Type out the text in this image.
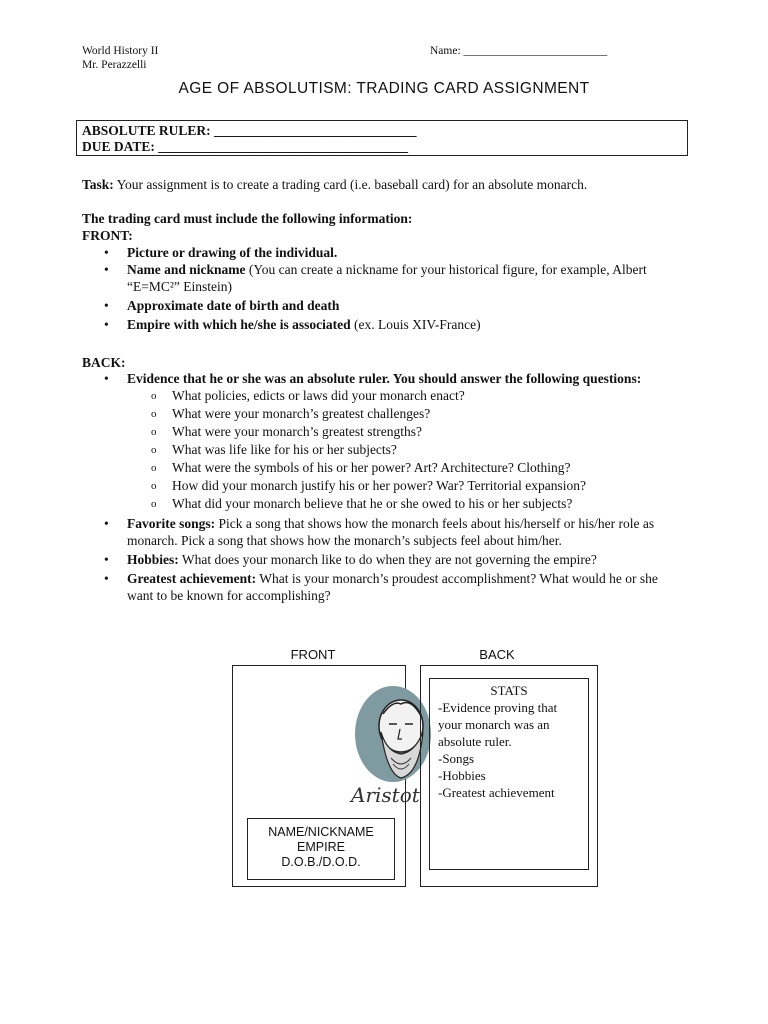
World History II
Mr. Perazzelli
Name: _________________________
AGE OF ABSOLUTISM: TRADING CARD ASSIGNMENT
ABSOLUTE RULER: ______________________________
DUE DATE: _____________________________________
Task: Your assignment is to create a trading card (i.e. baseball card) for an absolute monarch.
The trading card must include the following information:
FRONT:
• Picture or drawing of the individual.
• Name and nickname (You can create a nickname for your historical figure, for example, Albert “E=MC²” Einstein)
• Approximate date of birth and death
• Empire with which he/she is associated (ex. Louis XIV-France)
BACK:
• Evidence that he or she was an absolute ruler. You should answer the following questions:
o What policies, edicts or laws did your monarch enact?
o What were your monarch’s greatest challenges?
o What were your monarch’s greatest strengths?
o What was life like for his or her subjects?
o What were the symbols of his or her power? Art? Architecture? Clothing?
o How did your monarch justify his or her power? War? Territorial expansion?
o What did your monarch believe that he or she owed to his or her subjects?
• Favorite songs: Pick a song that shows how the monarch feels about his/herself or his/her role as monarch. Pick a song that shows how the monarch’s subjects feel about him/her.
• Hobbies: What does your monarch like to do when they are not governing the empire?
• Greatest achievement: What is your monarch’s proudest accomplishment? What would he or she want to be known for accomplishing?
FRONT	BACK
Aristot
NAME/NICKNAME
EMPIRE
D.O.B./D.O.D.
STATS
-Evidence proving that your monarch was an absolute ruler.
-Songs
-Hobbies
-Greatest achievement
